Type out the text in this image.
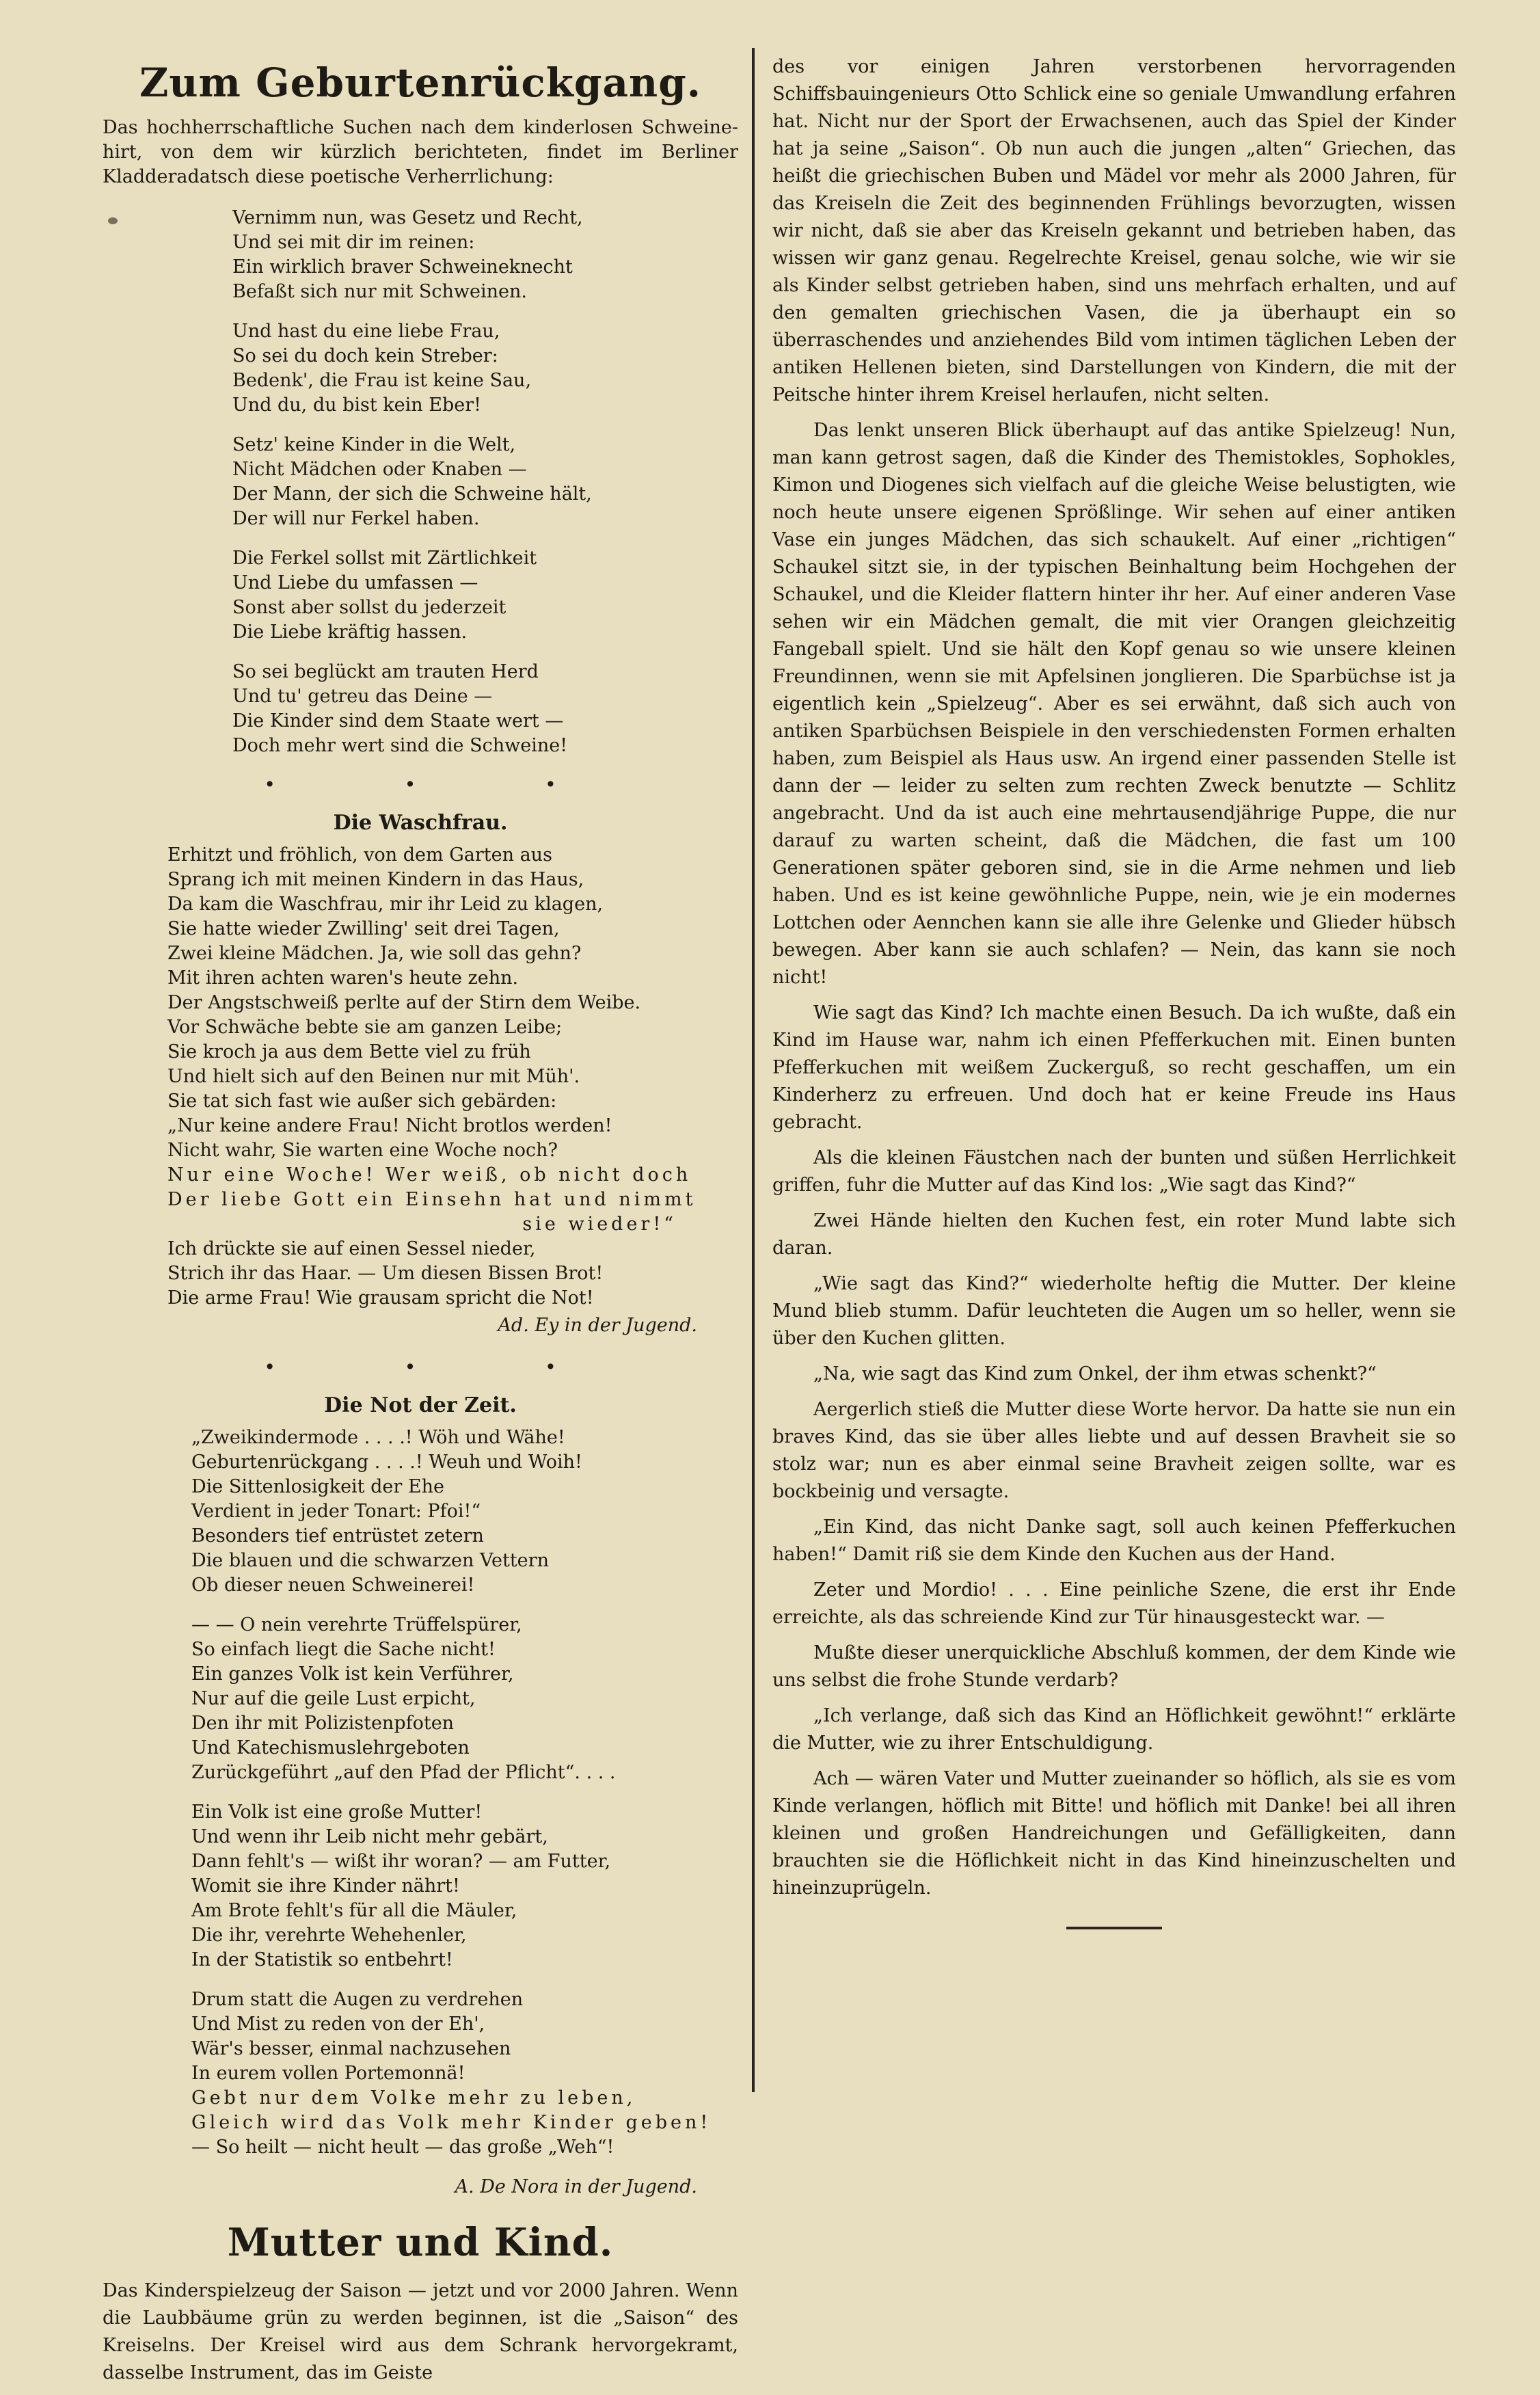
Zum Geburtenrückgang.

Das hochherrschaftliche Suchen nach dem kinderlosen Schweine-hirt, von dem wir kürzlich berichteten, findet im Berliner Kladderadatsch diese poetische Verherrlichung:

Vernimm nun, was Gesetz und Recht,
Und sei mit dir im reinen:
Ein wirklich braver Schweineknecht
Befaßt sich nur mit Schweinen.
Und hast du eine liebe Frau,
So sei du doch kein Streber:
Bedenk', die Frau ist keine Sau,
Und du, du bist kein Eber!
Setz' keine Kinder in die Welt,
Nicht Mädchen oder Knaben —
Der Mann, der sich die Schweine hält,
Der will nur Ferkel haben.
Die Ferkel sollst mit Zärtlichkeit
Und Liebe du umfassen —
Sonst aber sollst du jederzeit
Die Liebe kräftig hassen.
So sei beglückt am trauten Herd
Und tu' getreu das Deine —
Die Kinder sind dem Staate wert —
Doch mehr wert sind die Schweine!
• • •
Die Waschfrau.
Erhitzt und fröhlich, von dem Garten aus
Sprang ich mit meinen Kindern in das Haus,
Da kam die Waschfrau, mir ihr Leid zu klagen,
Sie hatte wieder Zwilling' seit drei Tagen,
Zwei kleine Mädchen. Ja, wie soll das gehn?
Mit ihren achten waren's heute zehn.
Der Angstschweiß perlte auf der Stirn dem Weibe.
Vor Schwäche bebte sie am ganzen Leibe;
Sie kroch ja aus dem Bette viel zu früh
Und hielt sich auf den Beinen nur mit Müh'.
Sie tat sich fast wie außer sich gebärden:
„Nur keine andere Frau! Nicht brotlos werden!
Nicht wahr, Sie warten eine Woche noch?
Nur eine Woche! Wer weiß, ob nicht doch
Der liebe Gott ein Einsehn hat und nimmt
sie wieder!“
Ich drückte sie auf einen Sessel nieder,
Strich ihr das Haar. — Um diesen Bissen Brot!
Die arme Frau! Wie grausam spricht die Not!
Ad. Ey in der Jugend.
• • •
Die Not der Zeit.
„Zweikindermode . . . .! Wöh und Wähe!
Geburtenrückgang . . . .! Weuh und Woih!
Die Sittenlosigkeit der Ehe
Verdient in jeder Tonart: Pfoi!“
Besonders tief entrüstet zetern
Die blauen und die schwarzen Vettern
Ob dieser neuen Schweinerei!
— — O nein verehrte Trüffelspürer,
So einfach liegt die Sache nicht!
Ein ganzes Volk ist kein Verführer,
Nur auf die geile Lust erpicht,
Den ihr mit Polizistenpfoten
Und Katechismuslehrgeboten
Zurückgeführt „auf den Pfad der Pflicht“. . . .
Ein Volk ist eine große Mutter!
Und wenn ihr Leib nicht mehr gebärt,
Dann fehlt's — wißt ihr woran? — am Futter,
Womit sie ihre Kinder nährt!
Am Brote fehlt's für all die Mäuler,
Die ihr, verehrte Wehehenler,
In der Statistik so entbehrt!
Drum statt die Augen zu verdrehen
Und Mist zu reden von der Eh',
Wär's besser, einmal nachzusehen
In eurem vollen Portemonnä!
Gebt nur dem Volke mehr zu leben,
Gleich wird das Volk mehr Kinder geben!
— So heilt — nicht heult — das große „Weh“!
A. De Nora in der Jugend.
Mutter und Kind.

Das Kinderspielzeug der Saison — jetzt und vor 2000 Jahren. Wenn die Laubbäume grün zu werden beginnen, ist die „Saison“ des Kreiselns. Der Kreisel wird aus dem Schrank hervorgekramt, dasselbe Instrument, das im Geiste

des vor einigen Jahren verstorbenen hervorragenden Schiffsbauingenieurs Otto Schlick eine so geniale Umwandlung erfahren hat. Nicht nur der Sport der Erwachsenen, auch das Spiel der Kinder hat ja seine „Saison“. Ob nun auch die jungen „alten“ Griechen, das heißt die griechischen Buben und Mädel vor mehr als 2000 Jahren, für das Kreiseln die Zeit des beginnenden Frühlings bevorzugten, wissen wir nicht, daß sie aber das Kreiseln gekannt und betrieben haben, das wissen wir ganz genau. Regelrechte Kreisel, genau solche, wie wir sie als Kinder selbst getrieben haben, sind uns mehrfach erhalten, und auf den gemalten griechischen Vasen, die ja überhaupt ein so überraschendes und anziehendes Bild vom intimen täglichen Leben der antiken Hellenen bieten, sind Darstellungen von Kindern, die mit der Peitsche hinter ihrem Kreisel herlaufen, nicht selten.

Das lenkt unseren Blick überhaupt auf das antike Spielzeug! Nun, man kann getrost sagen, daß die Kinder des Themistokles, Sophokles, Kimon und Diogenes sich vielfach auf die gleiche Weise belustigten, wie noch heute unsere eigenen Sprößlinge. Wir sehen auf einer antiken Vase ein junges Mädchen, das sich schaukelt. Auf einer „richtigen“ Schaukel sitzt sie, in der typischen Beinhaltung beim Hochgehen der Schaukel, und die Kleider flattern hinter ihr her. Auf einer anderen Vase sehen wir ein Mädchen gemalt, die mit vier Orangen gleichzeitig Fangeball spielt. Und sie hält den Kopf genau so wie unsere kleinen Freundinnen, wenn sie mit Apfelsinen jonglieren. Die Sparbüchse ist ja eigentlich kein „Spielzeug“. Aber es sei erwähnt, daß sich auch von antiken Sparbüchsen Beispiele in den verschiedensten Formen erhalten haben, zum Beispiel als Haus usw. An irgend einer passenden Stelle ist dann der — leider zu selten zum rechten Zweck benutzte — Schlitz angebracht. Und da ist auch eine mehrtausendjährige Puppe, die nur darauf zu warten scheint, daß die Mädchen, die fast um 100 Generationen später geboren sind, sie in die Arme nehmen und lieb haben. Und es ist keine gewöhnliche Puppe, nein, wie je ein modernes Lottchen oder Aennchen kann sie alle ihre Gelenke und Glieder hübsch bewegen. Aber kann sie auch schlafen? — Nein, das kann sie noch nicht!

Wie sagt das Kind? Ich machte einen Besuch. Da ich wußte, daß ein Kind im Hause war, nahm ich einen Pfefferkuchen mit. Einen bunten Pfefferkuchen mit weißem Zuckerguß, so recht geschaffen, um ein Kinderherz zu erfreuen. Und doch hat er keine Freude ins Haus gebracht.

Als die kleinen Fäustchen nach der bunten und süßen Herrlichkeit griffen, fuhr die Mutter auf das Kind los: „Wie sagt das Kind?“

Zwei Hände hielten den Kuchen fest, ein roter Mund labte sich daran.

„Wie sagt das Kind?“ wiederholte heftig die Mutter. Der kleine Mund blieb stumm. Dafür leuchteten die Augen um so heller, wenn sie über den Kuchen glitten.

„Na, wie sagt das Kind zum Onkel, der ihm etwas schenkt?“

Aergerlich stieß die Mutter diese Worte hervor. Da hatte sie nun ein braves Kind, das sie über alles liebte und auf dessen Bravheit sie so stolz war; nun es aber einmal seine Bravheit zeigen sollte, war es bockbeinig und versagte.

„Ein Kind, das nicht Danke sagt, soll auch keinen Pfefferkuchen haben!“ Damit riß sie dem Kinde den Kuchen aus der Hand.

Zeter und Mordio! . . . Eine peinliche Szene, die erst ihr Ende erreichte, als das schreiende Kind zur Tür hinausgesteckt war. —

Mußte dieser unerquickliche Abschluß kommen, der dem Kinde wie uns selbst die frohe Stunde verdarb?

„Ich verlange, daß sich das Kind an Höflichkeit gewöhnt!“ erklärte die Mutter, wie zu ihrer Entschuldigung.

Ach — wären Vater und Mutter zueinander so höflich, als sie es vom Kinde verlangen, höflich mit Bitte! und höflich mit Danke! bei all ihren kleinen und großen Handreichungen und Gefälligkeiten, dann brauchten sie die Höflichkeit nicht in das Kind hineinzuschelten und hineinzuprügeln.
